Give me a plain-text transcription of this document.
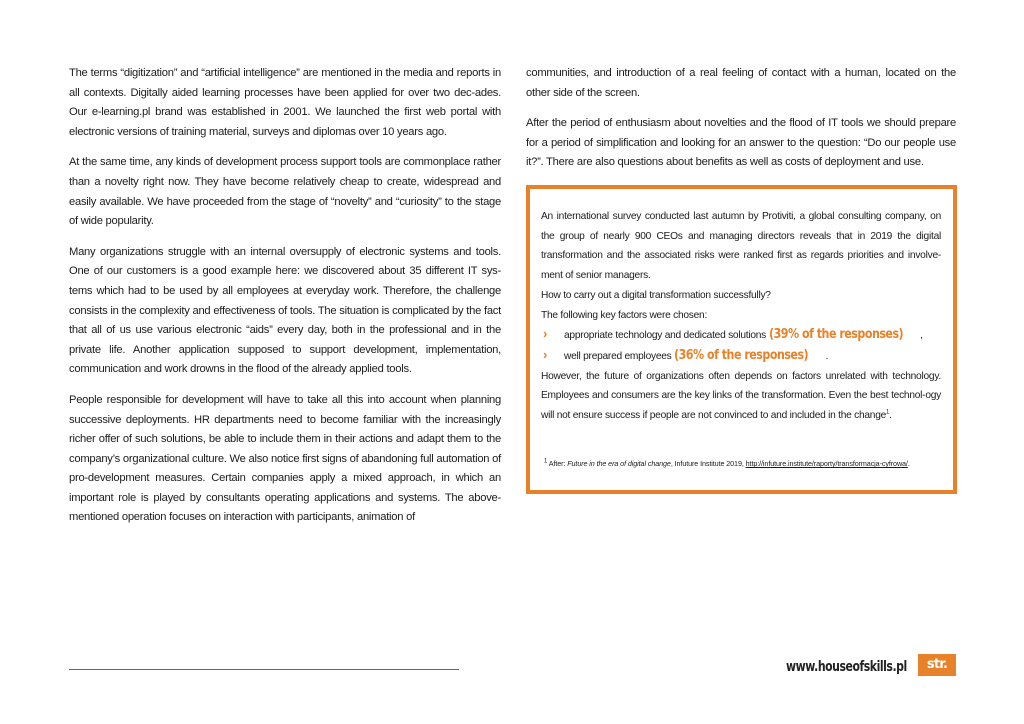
The terms “digitization” and “artificial intelligence” are mentioned in the media and reports in all contexts. Digitally aided learning processes have been applied for over two dec-ades. Our e-learning.pl brand was established in 2001. We launched the first web portal with electronic versions of training material, surveys and diplomas over 10 years ago.

At the same time, any kinds of development process support tools are commonplace rather than a novelty right now. They have become relatively cheap to create, widespread and easily available. We have proceeded from the stage of “novelty” and “curiosity” to the stage of wide popularity.

Many organizations struggle with an internal oversupply of electronic systems and tools. One of our customers is a good example here: we discovered about 35 different IT sys-tems which had to be used by all employees at everyday work. Therefore, the challenge consists in the complexity and effectiveness of tools. The situation is complicated by the fact that all of us use various electronic “aids” every day, both in the professional and in the private life. Another application supposed to support development, implementation, communication and work drowns in the flood of the already applied tools.

People responsible for development will have to take all this into account when planning successive deployments. HR departments need to become familiar with the increasingly richer offer of such solutions, be able to include them in their actions and adapt them to the company’s organizational culture. We also notice first signs of abandoning full automation of pro-development measures. Certain companies apply a mixed approach, in which an important role is played by consultants operating applications and systems. The above-mentioned operation focuses on interaction with participants, animation of

communities, and introduction of a real feeling of contact with a human, located on the other side of the screen.

After the period of enthusiasm about novelties and the flood of IT tools we should prepare for a period of simplification and looking for an answer to the question: “Do our people use it?”. There are also questions about benefits as well as costs of deployment and use.

An international survey conducted last autumn by Protiviti, a global consulting company, on the group of nearly 900 CEOs and managing directors reveals that in 2019 the digital transformation and the associated risks were ranked first as regards priorities and involve-ment of senior managers.

How to carry out a digital transformation successfully?

The following key factors were chosen:

› appropriate technology and dedicated solutions (39% of the responses) ,

› well prepared employees (36% of the responses) .

However, the future of organizations often depends on factors unrelated with technology. Employees and consumers are the key links of the transformation. Even the best technol-ogy will not ensure success if people are not convinced to and included in the change$^1$.

$^1$ After: Future in the era of digital change, Infuture Institute 2019, http://infuture.institute/raporty/transformacja-cyfrowa/.
www.houseofskills.pl	str. 14
